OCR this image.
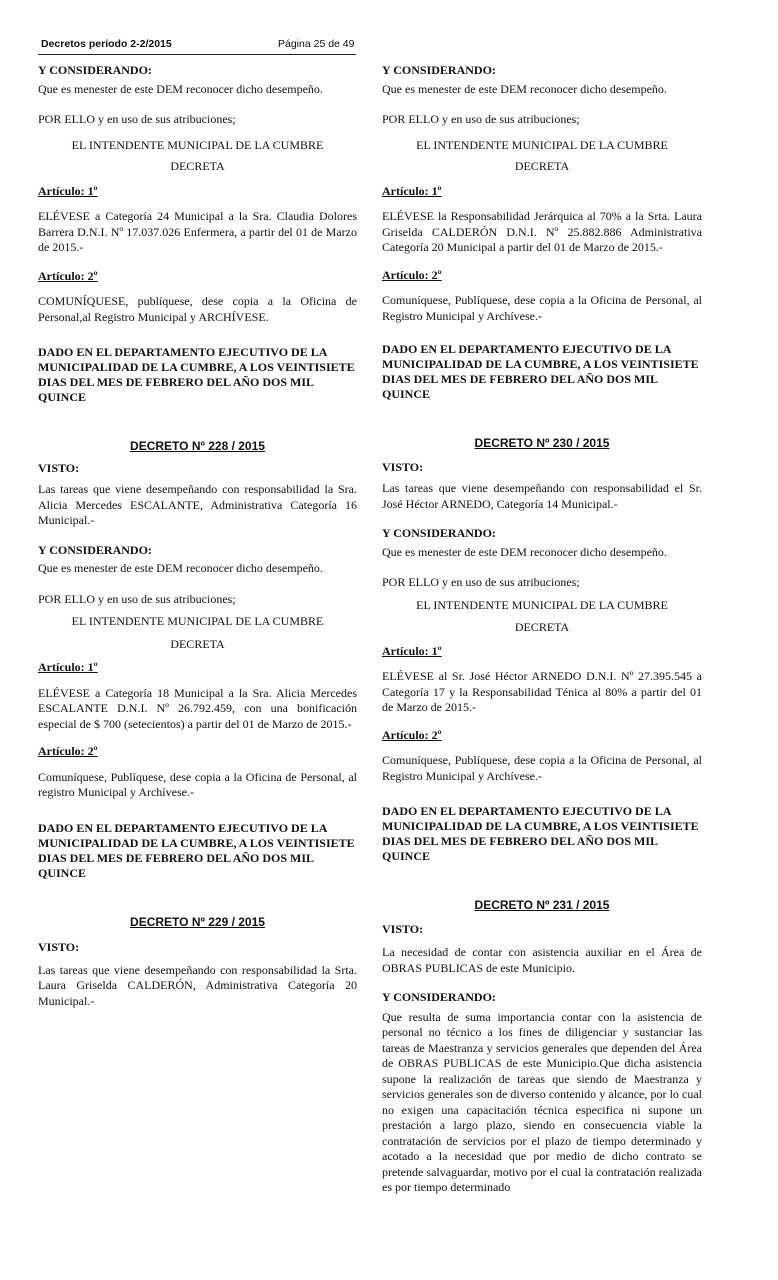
Decretos periodo 2-2/2015	Página 25 de 49
Y CONSIDERANDO:
Que es menester de este DEM reconocer dicho desempeño.
POR ELLO y en uso de sus atribuciones;
EL INTENDENTE MUNICIPAL DE LA CUMBRE
DECRETA
Artículo: 1º
ELÉVESE a Categoría 24 Municipal a la Sra. Claudia Dolores Barrera D.N.I. Nº 17.037.026 Enfermera, a partir del 01 de Marzo de 2015.-
Artículo: 2º
COMUNÍQUESE, publíquese, dese copia a la Oficina de Personal,al Registro Municipal y ARCHÍVESE.
DADO EN EL DEPARTAMENTO EJECUTIVO DE LA MUNICIPALIDAD DE LA CUMBRE, A LOS VEINTISIETE DIAS DEL MES DE FEBRERO DEL AÑO DOS MIL QUINCE
DECRETO Nº 228 / 2015
VISTO:
Las tareas que viene desempeñando con responsabilidad la Sra. Alicia Mercedes ESCALANTE, Administrativa Categoría 16 Municipal.-
Y CONSIDERANDO:
Que es menester de este DEM reconocer dicho desempeño.
POR ELLO y en uso de sus atribuciones;
EL INTENDENTE MUNICIPAL DE LA CUMBRE
DECRETA
Artículo: 1º
ELÉVESE a Categoría 18 Municipal a la Sra. Alicia Mercedes ESCALANTE D.N.I. Nº 26.792.459, con una bonificación especial de $ 700 (setecientos) a partir del 01 de Marzo de 2015.-
Artículo: 2º
Comuníquese, Publíquese, dese copia a la Oficina de Personal, al registro Municipal y Archívese.-
DADO EN EL DEPARTAMENTO EJECUTIVO DE LA MUNICIPALIDAD DE LA CUMBRE, A LOS VEINTISIETE DIAS DEL MES DE FEBRERO DEL AÑO DOS MIL QUINCE
DECRETO Nº 229 / 2015
VISTO:
Las tareas que viene desempeñando con responsabilidad la Srta. Laura Griselda CALDERÓN, Administrativa Categoría 20 Municipal.-
Y CONSIDERANDO:
Que es menester de este DEM reconocer dicho desempeño.
POR ELLO y en uso de sus atribuciones;
EL INTENDENTE MUNICIPAL DE LA CUMBRE
DECRETA
Artículo: 1º
ELÉVESE la Responsabilidad Jerárquica al 70% a la Srta. Laura Griselda CALDERÓN D.N.I. Nº 25.882.886 Administrativa Categoría 20 Municipal a partir del 01 de Marzo de 2015.-
Artículo: 2º
Comuníquese, Publíquese, dese copia a la Oficina de Personal, al Registro Municipal y Archívese.-
DADO EN EL DEPARTAMENTO EJECUTIVO DE LA MUNICIPALIDAD DE LA CUMBRE, A LOS VEINTISIETE DIAS DEL MES DE FEBRERO DEL AÑO DOS MIL QUINCE
DECRETO Nº 230 / 2015
VISTO:
Las tareas que viene desempeñando con responsabilidad el Sr. José Héctor ARNEDO, Categoría 14 Municipal.-
Y CONSIDERANDO:
Que es menester de este DEM reconocer dicho desempeño.
POR ELLO y en uso de sus atribuciones;
EL INTENDENTE MUNICIPAL DE LA CUMBRE
DECRETA
Artículo: 1º
ELÉVESE al Sr. José Héctor ARNEDO D.N.I. Nº 27.395.545 a Categoría 17 y la Responsabilidad Ténica al 80% a partir del 01 de Marzo de 2015.-
Artículo: 2º
Comuníquese, Publíquese, dese copia a la Oficina de Personal, al Registro Municipal y Archívese.-
DADO EN EL DEPARTAMENTO EJECUTIVO DE LA MUNICIPALIDAD DE LA CUMBRE, A LOS VEINTISIETE DIAS DEL MES DE FEBRERO DEL AÑO DOS MIL QUINCE
DECRETO Nº 231 / 2015
VISTO:
La necesidad de contar con asistencia auxiliar en el Área de OBRAS PUBLICAS de este Municipio.
Y CONSIDERANDO:
Que resulta de suma importancia contar con la asistencia de personal no técnico a los fines de diligenciar y sustanciar las tareas de Maestranza y servicios generales que dependen del Área de OBRAS PUBLICAS de este Municipio.Que dicha asistencia supone la realización de tareas que siendo de Maestranza y servicios generales son de diverso contenido y alcance, por lo cual no exigen una capacitación técnica especifica ni supone un prestación a largo plazo, siendo en consecuencia viable la contratación de servicios por el plazo de tiempo determinado y acotado a la necesidad que por medio de dicho contrato se pretende salvaguardar, motivo por el cual la contratación realizada es por tiempo determinado
